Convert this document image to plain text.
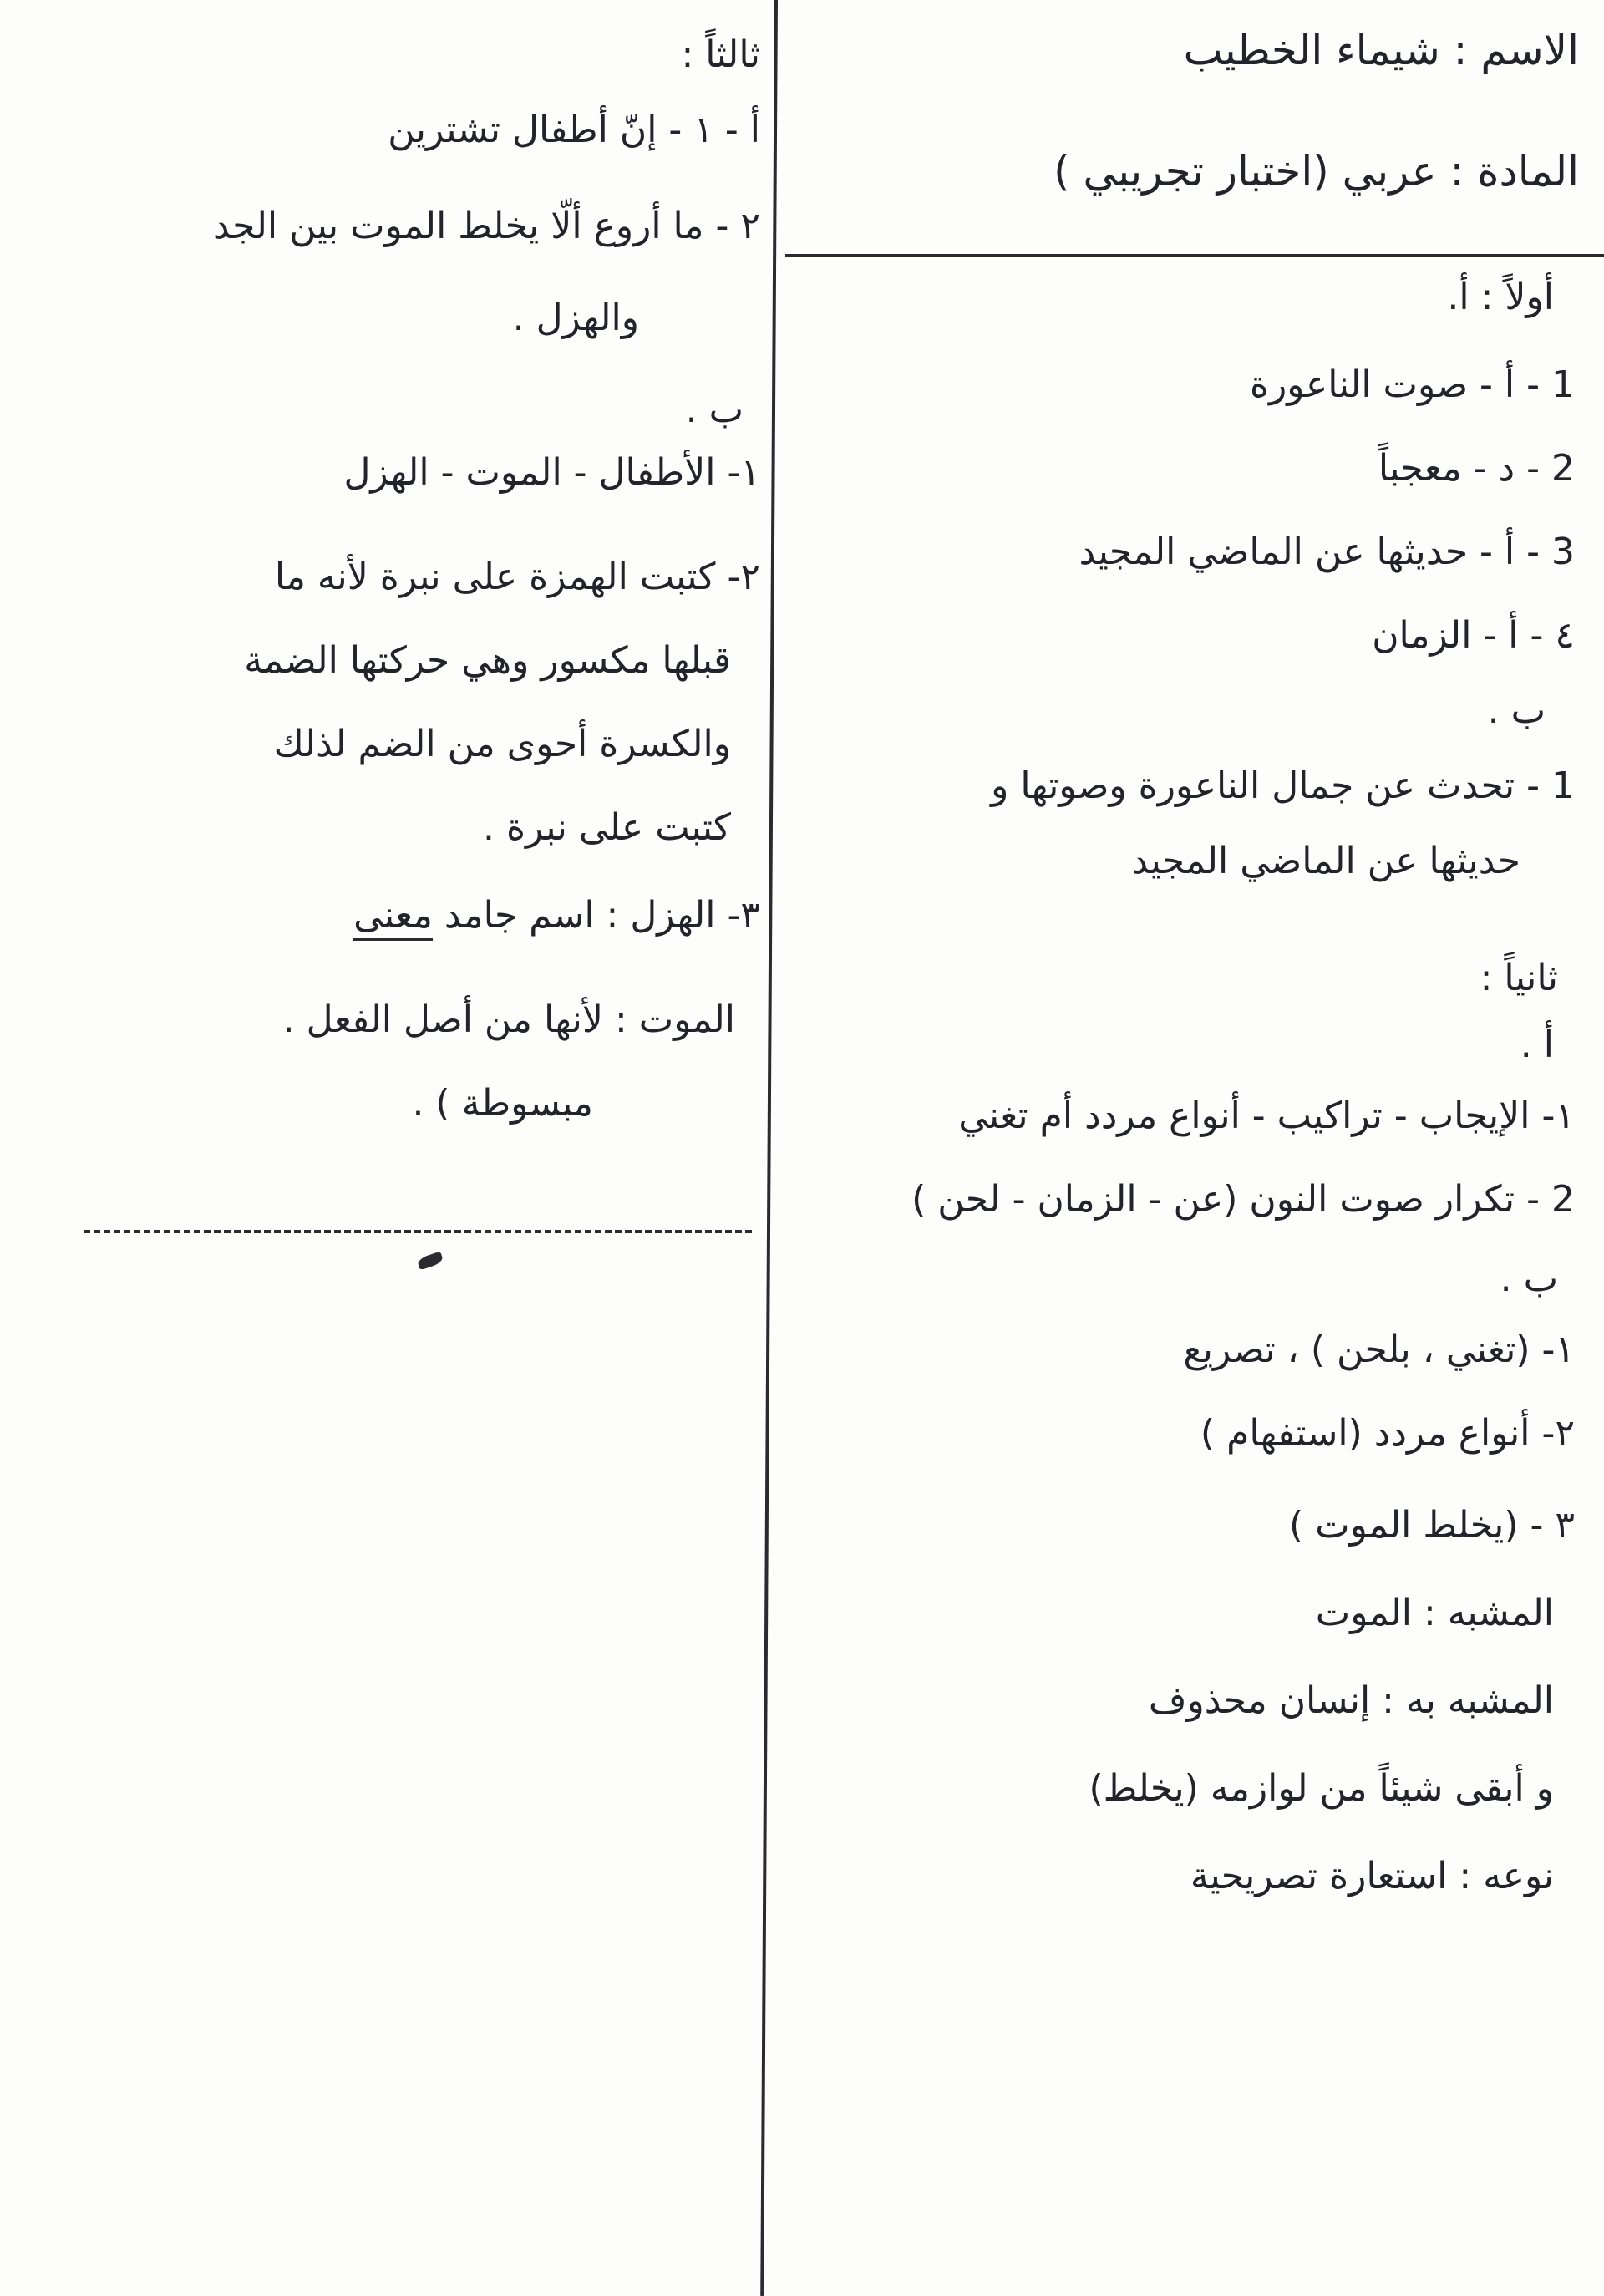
الاسم : شيماء الخطيب
المادة : عربي (اختبار تجريبي )
أولاً : أ.
1 - أ - صوت الناعورة
2 - د - معجباً
3 - أ - حديثها عن الماضي المجيد
٤ - أ - الزمان
ب .
1 - تحدث عن جمال الناعورة وصوتها و
حديثها عن الماضي المجيد
ثانياً :
أ .
١- الإيجاب - تراكيب - أنواع مردد أم تغني
2 - تكرار صوت النون (عن - الزمان - لحن )
ب .
١- (تغني ، بلحن ) ، تصريع
٢- أنواع مردد (استفهام )
٣ - (يخلط الموت )
المشبه : الموت
المشبه به : إنسان محذوف
و أبقى شيئاً من لوازمه (يخلط)
نوعه : استعارة تصريحية
ثالثاً :
أ - ١ - إنّ أطفال تشترين
٢ - ما أروع ألّا يخلط الموت بين الجد
والهزل .
ب .
١- الأطفال - الموت - الهزل
٢- كتبت الهمزة على نبرة لأنه ما
قبلها مكسور وهي حركتها الضمة
والكسرة أحوى من الضم لذلك
كتبت على نبرة .
٣- الهزل : اسم جامد معنى
الموت : لأنها من أصل الفعل .
مبسوطة ) .
